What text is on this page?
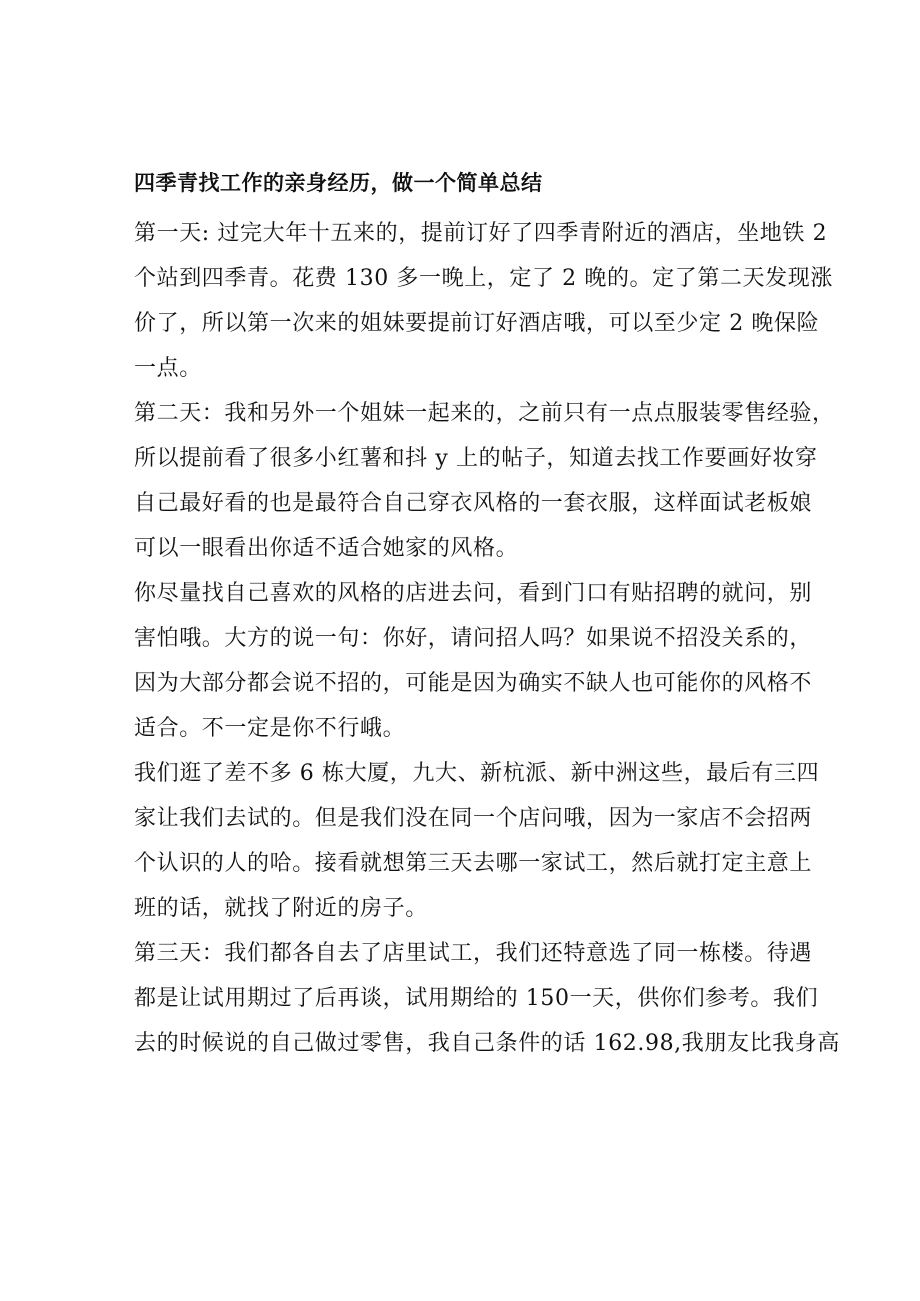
四季青找工作的亲身经历，做一个简单总结
第一天: 过完大年十五来的，提前订好了四季青附近的酒店，坐地铁 2
个站到四季青。花费 130 多一晚上，定了 2 晚的。定了第二天发现涨
价了，所以第一次来的姐妹要提前订好酒店哦，可以至少定 2 晚保险
一点。
第二天：我和另外一个姐妹一起来的，之前只有一点点服装零售经验，
所以提前看了很多小红薯和抖 y 上的帖子，知道去找工作要画好妆穿
自己最好看的也是最符合自己穿衣风格的一套衣服，这样面试老板娘
可以一眼看出你适不适合她家的风格。
你尽量找自己喜欢的风格的店进去问，看到门口有贴招聘的就问，别
害怕哦。大方的说一句：你好，请问招人吗？如果说不招没关系的，
因为大部分都会说不招的，可能是因为确实不缺人也可能你的风格不
适合。不一定是你不行峨。
我们逛了差不多 6 栋大厦，九大、新杭派、新中洲这些，最后有三四
家让我们去试的。但是我们没在同一个店问哦，因为一家店不会招两
个认识的人的哈。接看就想第三天去哪一家试工，然后就打定主意上
班的话，就找了附近的房子。
第三天：我们都各自去了店里试工，我们还特意选了同一栋楼。待遇
都是让试用期过了后再谈，试用期给的 150一天，供你们参考。我们
去的时候说的自己做过零售，我自己条件的话 162.98,我朋友比我身高
